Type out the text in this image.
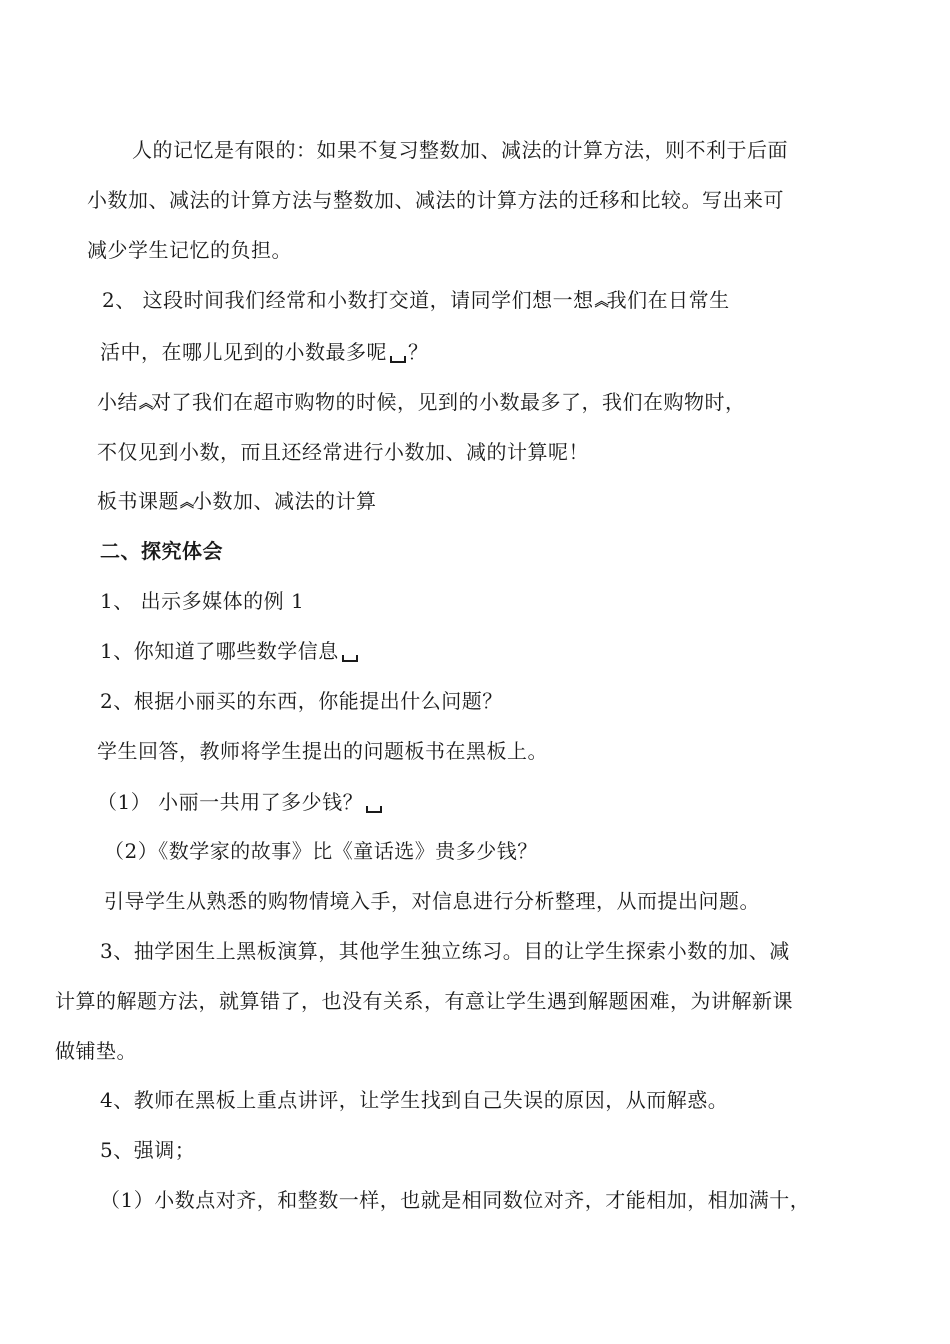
人的记忆是有限的：如果不复习整数加、减法的计算方法，则不利于后面
小数加、减法的计算方法与整数加、减法的计算方法的迁移和比较。写出来可
减少学生记忆的负担。
2、 这段时间我们经常和小数打交道，请同学们想一想︽我们在日常生
活中，在哪儿见到的小数最多呢 ？
小结︽对了我们在超市购物的时候，见到的小数最多了，我们在购物时，
不仅见到小数，而且还经常进行小数加、减的计算呢！
板书课题︽小数加、减法的计算
二、探究体会
1、 出示多媒体的例 1
1、你知道了哪些数学信息
2、根据小丽买的东西，你能提出什么问题？
学生回答，教师将学生提出的问题板书在黑板上。
（1） 小丽一共用了多少钱？
（2）《数学家的故事》比《童话选》贵多少钱？
引导学生从熟悉的购物情境入手，对信息进行分析整理，从而提出问题。
3、抽学困生上黑板演算，其他学生独立练习。目的让学生探索小数的加、减
计算的解题方法，就算错了，也没有关系，有意让学生遇到解题困难，为讲解新课
做铺垫。
4、教师在黑板上重点讲评，让学生找到自己失误的原因，从而解惑。
5、强调；
（1）小数点对齐，和整数一样，也就是相同数位对齐，才能相加，相加满十，
